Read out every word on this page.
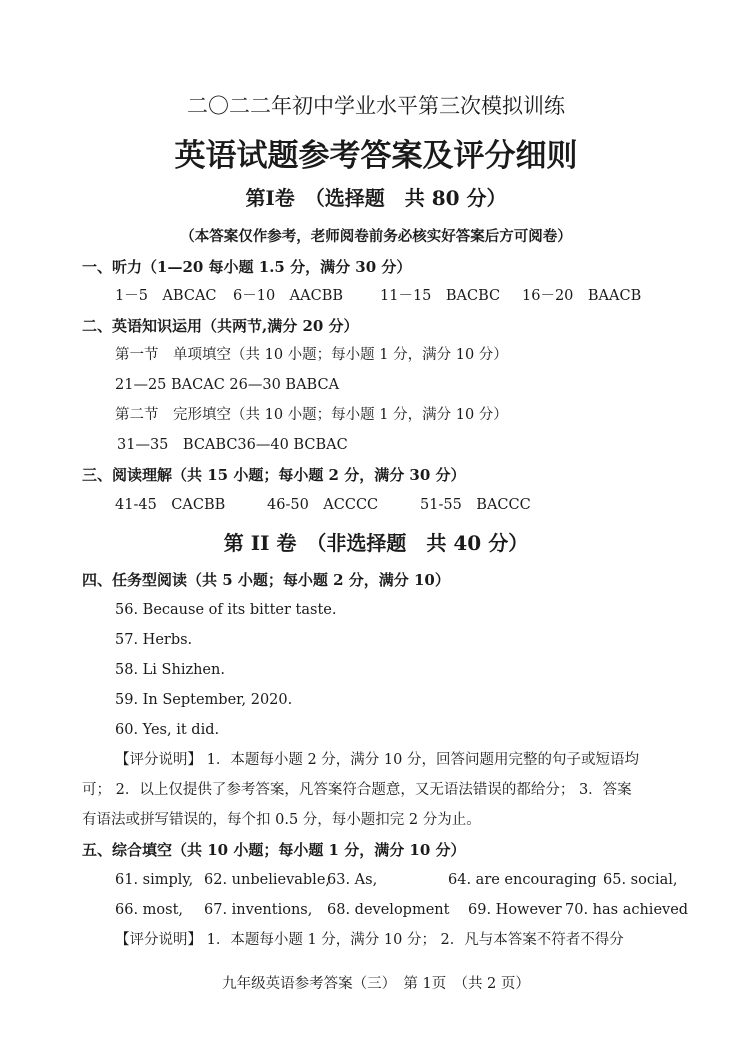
二〇二二年初中学业水平第三次模拟训练
英语试题参考答案及评分细则
第Ⅰ卷　（选择题　共 80 分）
（本答案仅作参考，老师阅卷前务必核实好答案后方可阅卷）
一、听力（1—20 每小题 1.5 分，满分 30 分）
1－5　ABCAC 6－10　AACBB	11－15　BACBC 16－20　BAACB
二、英语知识运用（共两节,满分 20 分）
第一节　单项填空（共 10 小题；每小题 1 分，满分 10 分）
21—25 BACAC 26—30 BABCA
第二节　完形填空（共 10 小题；每小题 1 分，满分 10 分）
31—35　BCABC36—40 BCBAC
三、阅读理解（共 15 小题；每小题 2 分，满分 30 分）
41-45　CACBB	46-50　ACCCC	51-55　BACCC
第 II 卷　（非选择题　共 40 分）
四、任务型阅读（共 5 小题；每小题 2 分，满分 10）
56. Because of its bitter taste.
57. Herbs.
58. Li Shizhen.
59. In September, 2020.
60. Yes, it did.
【评分说明】 1．本题每小题 2 分，满分 10 分，回答问题用完整的句子或短语均
可； 2．以上仅提供了参考答案，凡答案符合题意，又无语法错误的都给分； 3．答案
有语法或拼写错误的，每个扣 0.5 分，每小题扣完 2 分为止。
五、综合填空（共 10 小题；每小题 1 分，满分 10 分）
61. simply, 62. unbelievable,
63. As,	64. are encouraging 65. social,
66. most, 67. inventions, 68. development 69. However 70. has achieved
【评分说明】 1．本题每小题 1 分，满分 10 分； 2．凡与本答案不符者不得分
九年级英语参考答案（三）　第 1页　（共 2 页）
